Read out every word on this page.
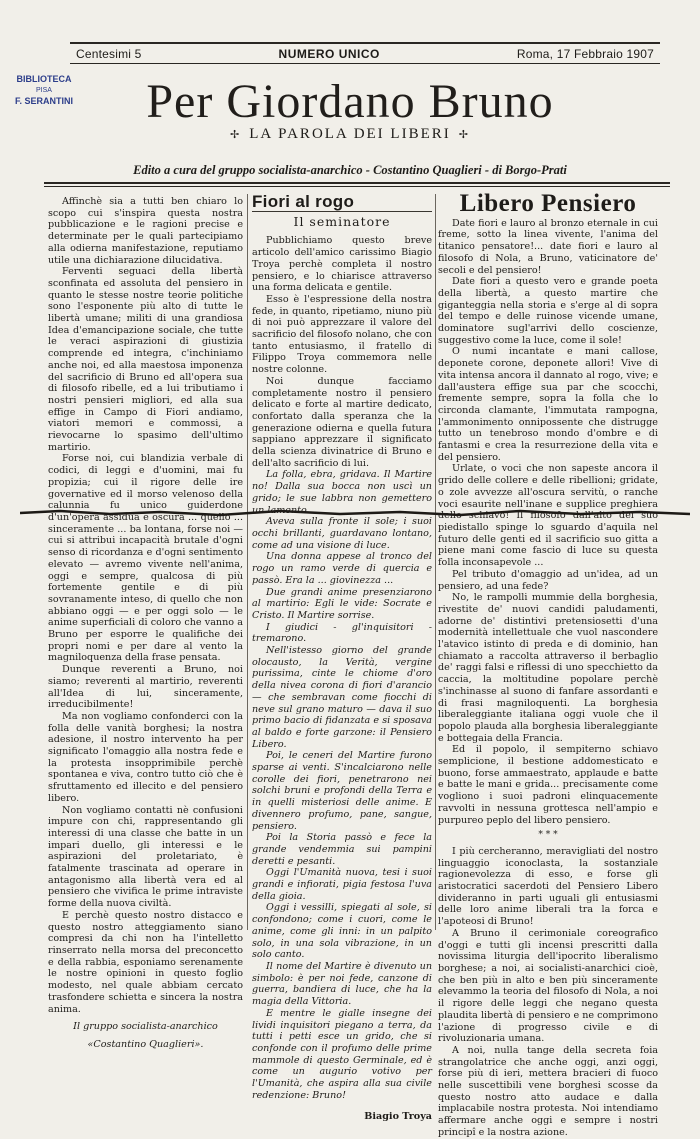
Centesimi 5	NUMERO UNICO	Roma, 17 Febbraio 1907
BIBLIOTECA
PISA
F. SERANTINI	Per Giordano Bruno
✢ LA PAROLA DEI LIBERI ✢
Edito a cura del gruppo socialista-anarchico - Costantino Quaglieri - di Borgo-Prati

Affinchè sia a tutti ben chiaro lo scopo cui s'inspira questa nostra pubblicazione e le ragioni precise e determinate per le quali partecipiamo alla odierna manifestazione, reputiamo utile una dichiarazione dilucidativa.

Ferventi seguaci della libertà sconfinata ed assoluta del pensiero in quanto le stesse nostre teorie politiche sono l'esponente più alto di tutte le libertà umane; militi di una grandiosa Idea d'emancipazione sociale, che tutte le veraci aspirazioni di giustizia comprende ed integra, c'inchiniamo anche noi, ed alla maestosa imponenza del sacrificio di Bruno ed all'opera sua di filosofo ribelle, ed a lui tributiamo i nostri pensieri migliori, ed alla sua effige in Campo di Fiori andiamo, viatori memori e commossi, a rievocarne lo spasimo dell'ultimo martirio.

Forse noi, cui blandizia verbale di codici, di leggi e d'uomini, mai fu propizia; cui il rigore delle ire governative ed il morso velenoso della calunnia fu unico guiderdone d'un'opera assidua e oscura ... quello ... sinceramente ... ba lontana, forse noi — cui si attribui incapacità brutale d'ogni senso di ricordanza e d'ogni sentimento elevato — avremo vivente nell'anima, oggi e sempre, qualcosa di più fortemente gentile e di più sovranamente inteso, di quello che non abbiano oggi — e per oggi solo — le anime superficiali di coloro che vanno a Bruno per esporre le qualifiche dei propri nomi e per dare al vento la magniloquenza della frase pensata.

Dunque reverenti a Bruno, noi siamo; reverenti al martirio, reverenti all'Idea di lui, sinceramente, irreducibilmente!

Ma non vogliamo confonderci con la folla delle vanità borghesi; la nostra adesione, il nostro intervento ha per significato l'omaggio alla nostra fede e la protesta insopprimibile perchè spontanea e viva, contro tutto ciò che è sfruttamento ed illecito e del pensiero libero.

Non vogliamo contatti nè confusioni impure con chi, rappresentando gli interessi di una classe che batte in un impari duello, gli interessi e le aspirazioni del proletariato, è fatalmente trascinata ad operare in antagonismo alla libertà vera ed al pensiero che vivifica le prime intraviste forme della nuova civiltà.

E perchè questo nostro distacco e questo nostro atteggiamento siano compresi da chi non ha l'intelletto rinserrato nella morsa del preconcetto e della rabbia, esponiamo serenamente le nostre opinioni in questo foglio modesto, nel quale abbiam cercato trasfondere schietta e sincera la nostra anima.

Il gruppo socialista-anarchico
«Costantino Quaglieri».
Fiori al rogo
Il seminatore

Pubblichiamo questo breve articolo dell'amico carissimo Biagio Troya perchè completa il nostro pensiero, e lo chiarisce attraverso una forma delicata e gentile.

Esso è l'espressione della nostra fede, in quanto, ripetiamo, niuno più di noi può apprezzare il valore del sacrificio del filosofo nolano, che con tanto entusiasmo, il fratello di Filippo Troya commemora nelle nostre colonne.

Noi dunque facciamo completamente nostro il pensiero delicato e forte al martire dedicato, confortato dalla speranza che la generazione odierna e quella futura sappiano apprezzare il significato della scienza divinatrice di Bruno e dell'alto sacrificio di lui.

La folla, ebra, gridava. Il Martire no! Dalla sua bocca non uscì un grido; le sue labbra non gemettero un lamento.

Aveva sulla fronte il sole; i suoi occhi brillanti, guardavano lontano, come ad una visione di luce.

Una donna appese al tronco del rogo un ramo verde di quercia e passò. Era la ... giovinezza ...

Due grandi anime presenziarono al martirio: Egli le vide: Socrate e Cristo. Il Martire sorrise.

I giudici - gl'inquisitori - tremarono.

Nell'istesso giorno del grande olocausto, la Verità, vergine purissima, cinte le chiome d'oro della nivea corona di fiori d'arancio — che sembravan come fiocchi di neve sul grano maturo — dava il suo primo bacio di fidanzata e si sposava al baldo e forte garzone: il Pensiero Libero.

Poi, le ceneri del Martire furono sparse ai venti. S'incalciarono nelle corolle dei fiori, penetrarono nei solchi bruni e profondi della Terra e in quelli misteriosi delle anime. E divennero profumo, pane, sangue, pensiero.

Poi la Storia passò e fece la grande vendemmia sui pampini deretti e pesanti.

Oggi l'Umanità nuova, tesi i suoi grandi e infiorati, pigia festosa l'uva della gioia.

Oggi i vessilli, spiegati al sole, si confondono; come i cuori, come le anime, come gli inni: in un palpito solo, in una sola vibrazione, in un solo canto.

Il nome del Martire è divenuto un simbolo: è per noi fede, canzone di guerra, bandiera di luce, che ha la magia della Vittoria.

E mentre le gialle insegne dei lividi inquisitori piegano a terra, da tutti i petti esce un grido, che si confonde con il profumo delle prime mammole di questo Germinale, ed è come un augurio votivo per l'Umanità, che aspira alla sua civile redenzione: Bruno!

Biagio Troya
Libero Pensiero

Date fiori e lauro al bronzo eternale in cui freme, sotto la linea vivente, l'anima del titanico pensatore!... date fiori e lauro al filosofo di Nola, a Bruno, vaticinatore de' secoli e del pensiero!

Date fiori a questo vero e grande poeta della libertà, a questo martire che giganteggia nella storia e s'erge al di sopra del tempo e delle ruinose vicende umane, dominatore sugl'arrivi dello coscienze, suggestivo come la luce, come il sole!

O numi incantate e mani callose, deponete corone, deponete allori! Vive di vita intensa ancora il dannato al rogo, vive; e dall'austera effige sua par che scocchi, fremente sempre, sopra la folla che lo circonda clamante, l'immutata rampogna, l'ammonimento onnipossente che distrugge tutto un tenebroso mondo d'ombre e di fantasmi e crea la resurrezione della vita e del pensiero.

Urlate, o voci che non sapeste ancora il grido delle collere e delle ribellioni; gridate, o zole avvezze all'oscura servitù, o ranche voci esaurite nell'inane e supplice preghiera dello schiavo! Il filosofo dall'alto del suo piedistallo spinge lo sguardo d'aquila nel futuro delle genti ed il sacrificio suo gitta a piene mani come fascio di luce su questa folla inconsapevole ...

Pel tributo d'omaggio ad un'idea, ad un pensiero, ad una fede?

No, le rampolli mummie della borghesia, rivestite de' nuovi candidi paludamenti, adorne de' distintivi pretensiosetti d'una modernità intellettuale che vuol nascondere l'atavico istinto di preda e di dominio, han chiamato a raccolta attraverso il berbaglio de' raggi falsi e riflessi di uno specchietto da caccia, la moltitudine popolare perchè s'inchinasse al suono di fanfare assordanti e di frasi magniloquenti. La borghesia liberaleggiante italiana oggi vuole che il popolo plauda alla borghesia liberaleggiante e bottegaia della Francia.

Ed il popolo, il sempiterno schiavo semplicione, il bestione addomesticato e buono, forse ammaestrato, applaude e batte e batte le mani e grida... precisamente come vogliono i suoi padroni elinquacemente ravvolti in nessuna grottesca nell'ampio e purpureo peplo del libero pensiero.

* * *

I più cercheranno, meravigliati del nostro linguaggio iconoclasta, la sostanziale ragionevolezza di esso, e forse gli aristocratici sacerdoti del Pensiero Libero divideranno in parti uguali gli entusiasmi delle loro anime liberali tra la forca e l'apoteosi di Bruno!

A Bruno il cerimoniale coreografico d'oggi e tutti gli incensi prescritti dalla novissima liturgia dell'ipocrito liberalismo borghese; a noi, ai socialisti-anarchici cioè, che ben più in alto e ben più sinceramente elevammo la teoria del filosofo di Nola, a noi il rigore delle leggi che negano questa plaudita libertà di pensiero e ne comprimono l'azione di progresso civile e di rivoluzionaria umana.

A noi, nulla tange della secreta foia strangolatrice che anche oggi, anzi oggi, forse più di ieri, mettera bracieri di fuoco nelle suscettibili vene borghesi scosse da questo nostro atto audace e dalla implacabile nostra protesta. Noi intendiamo affermare anche oggi e sempre i nostri principî e la nostra azione.
